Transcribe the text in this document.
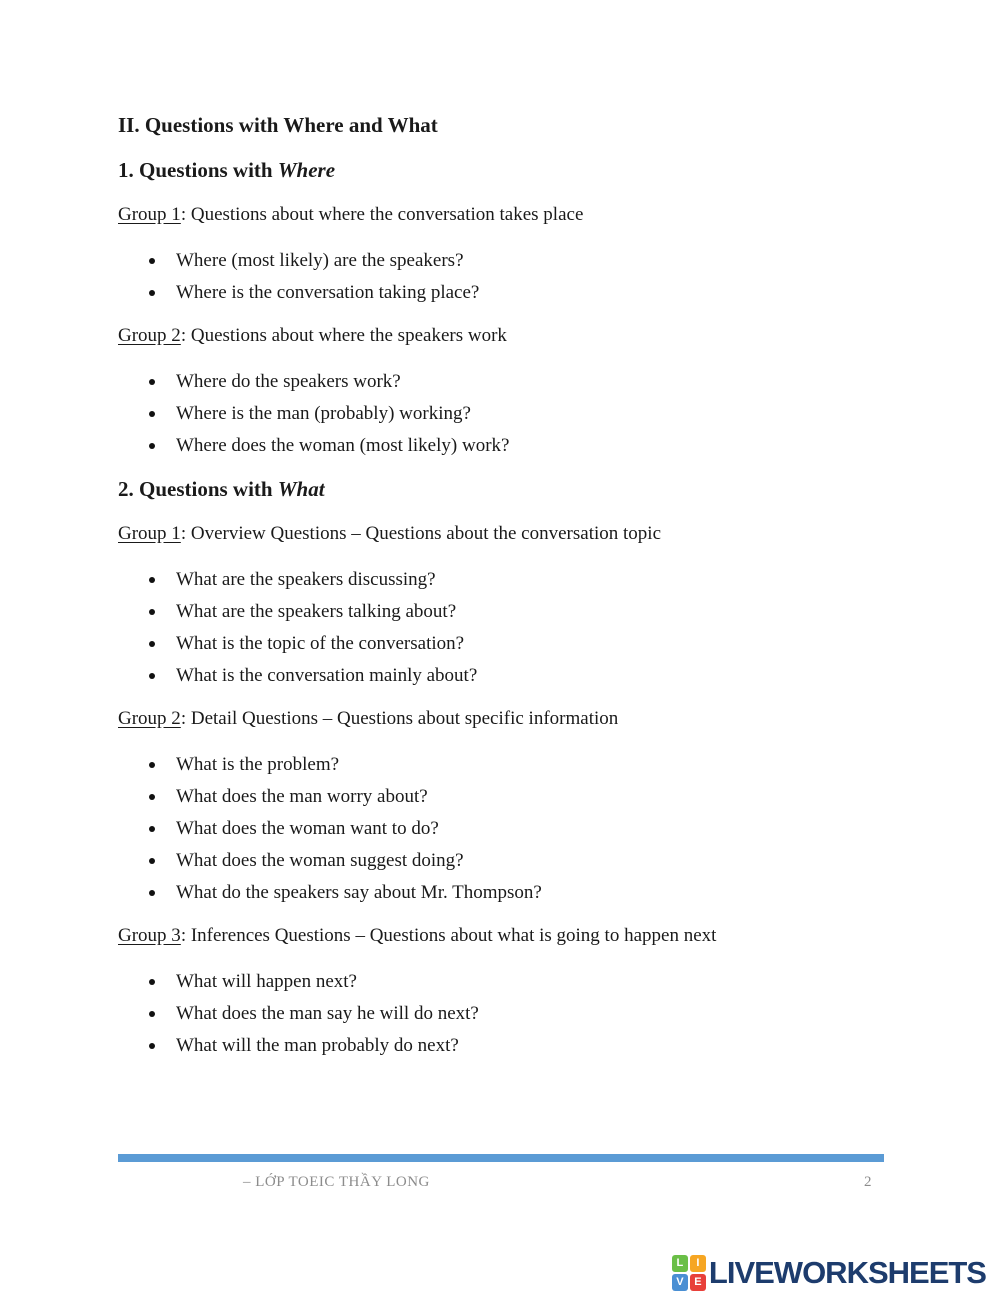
II. Questions with Where and What
1. Questions with Where

Group 1: Questions about where the conversation takes place

Where (most likely) are the speakers?
Where is the conversation taking place?

Group 2: Questions about where the speakers work

Where do the speakers work?
Where is the man (probably) working?
Where does the woman (most likely) work?
2. Questions with What

Group 1: Overview Questions – Questions about the conversation topic

What are the speakers discussing?
What are the speakers talking about?
What is the topic of the conversation?
What is the conversation mainly about?

Group 2: Detail Questions – Questions about specific information

What is the problem?
What does the man worry about?
What does the woman want to do?
What does the woman suggest doing?
What do the speakers say about Mr. Thompson?

Group 3: Inferences Questions – Questions about what is going to happen next

What will happen next?
What does the man say he will do next?
What will the man probably do next?
– LỚP TOEIC THẦY LONG	2
L	I
V E LIVEWORKSHEETS
